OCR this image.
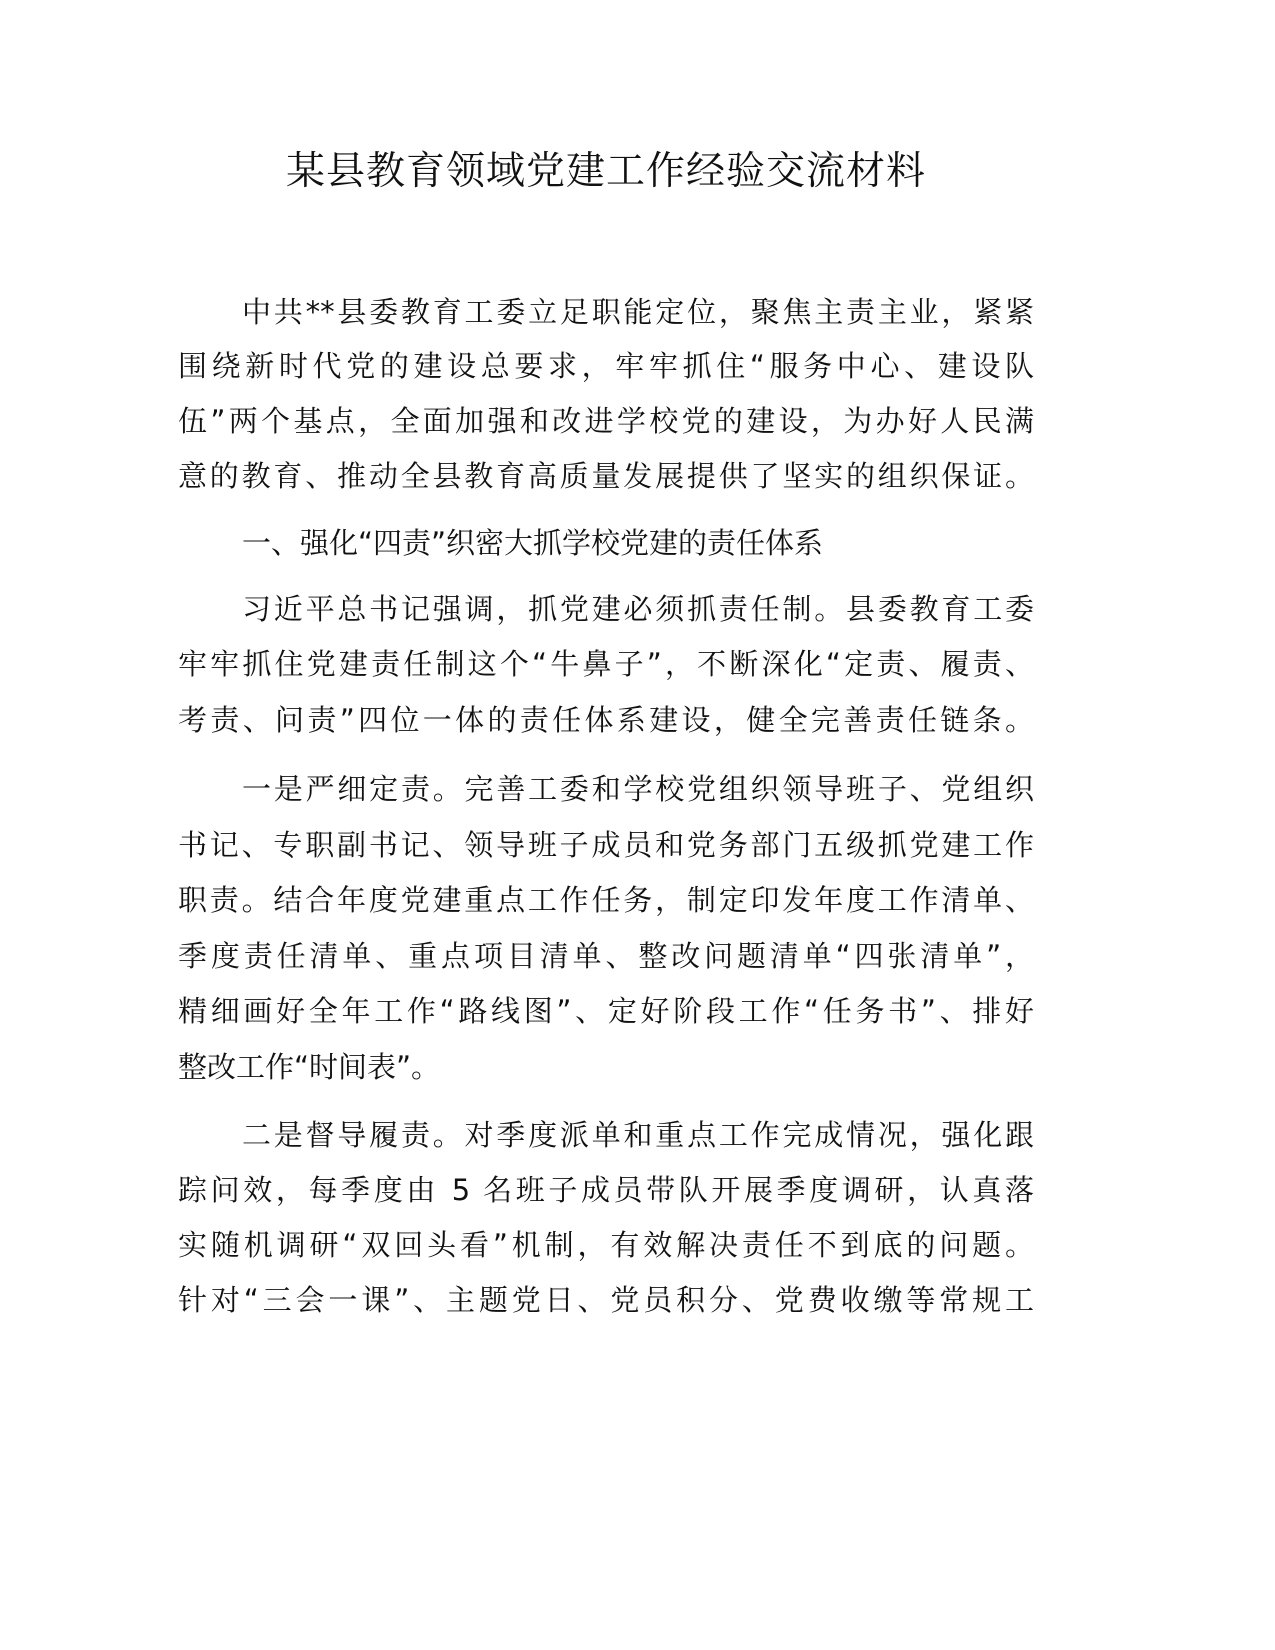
某县教育领域党建工作经验交流材料
中共**县委教育工委立足职能定位，聚焦主责主业，紧紧
围绕新时代党的建设总要求，牢牢抓住“服务中心、建设队
伍”两个基点，全面加强和改进学校党的建设，为办好人民满
意的教育、推动全县教育高质量发展提供了坚实的组织保证。
一、强化“四责”织密大抓学校党建的责任体系
习近平总书记强调，抓党建必须抓责任制。县委教育工委
牢牢抓住党建责任制这个“牛鼻子”，不断深化“定责、履责、
考责、问责”四位一体的责任体系建设，健全完善责任链条。
一是严细定责。完善工委和学校党组织领导班子、党组织
书记、专职副书记、领导班子成员和党务部门五级抓党建工作
职责。结合年度党建重点工作任务，制定印发年度工作清单、
季度责任清单、重点项目清单、整改问题清单“四张清单”，
精细画好全年工作“路线图”、定好阶段工作“任务书”、排好
整改工作“时间表”。
二是督导履责。对季度派单和重点工作完成情况，强化跟
踪问效，每季度由 5 名班子成员带队开展季度调研，认真落
实随机调研“双回头看”机制，有效解决责任不到底的问题。
针对“三会一课”、主题党日、党员积分、党费收缴等常规工
